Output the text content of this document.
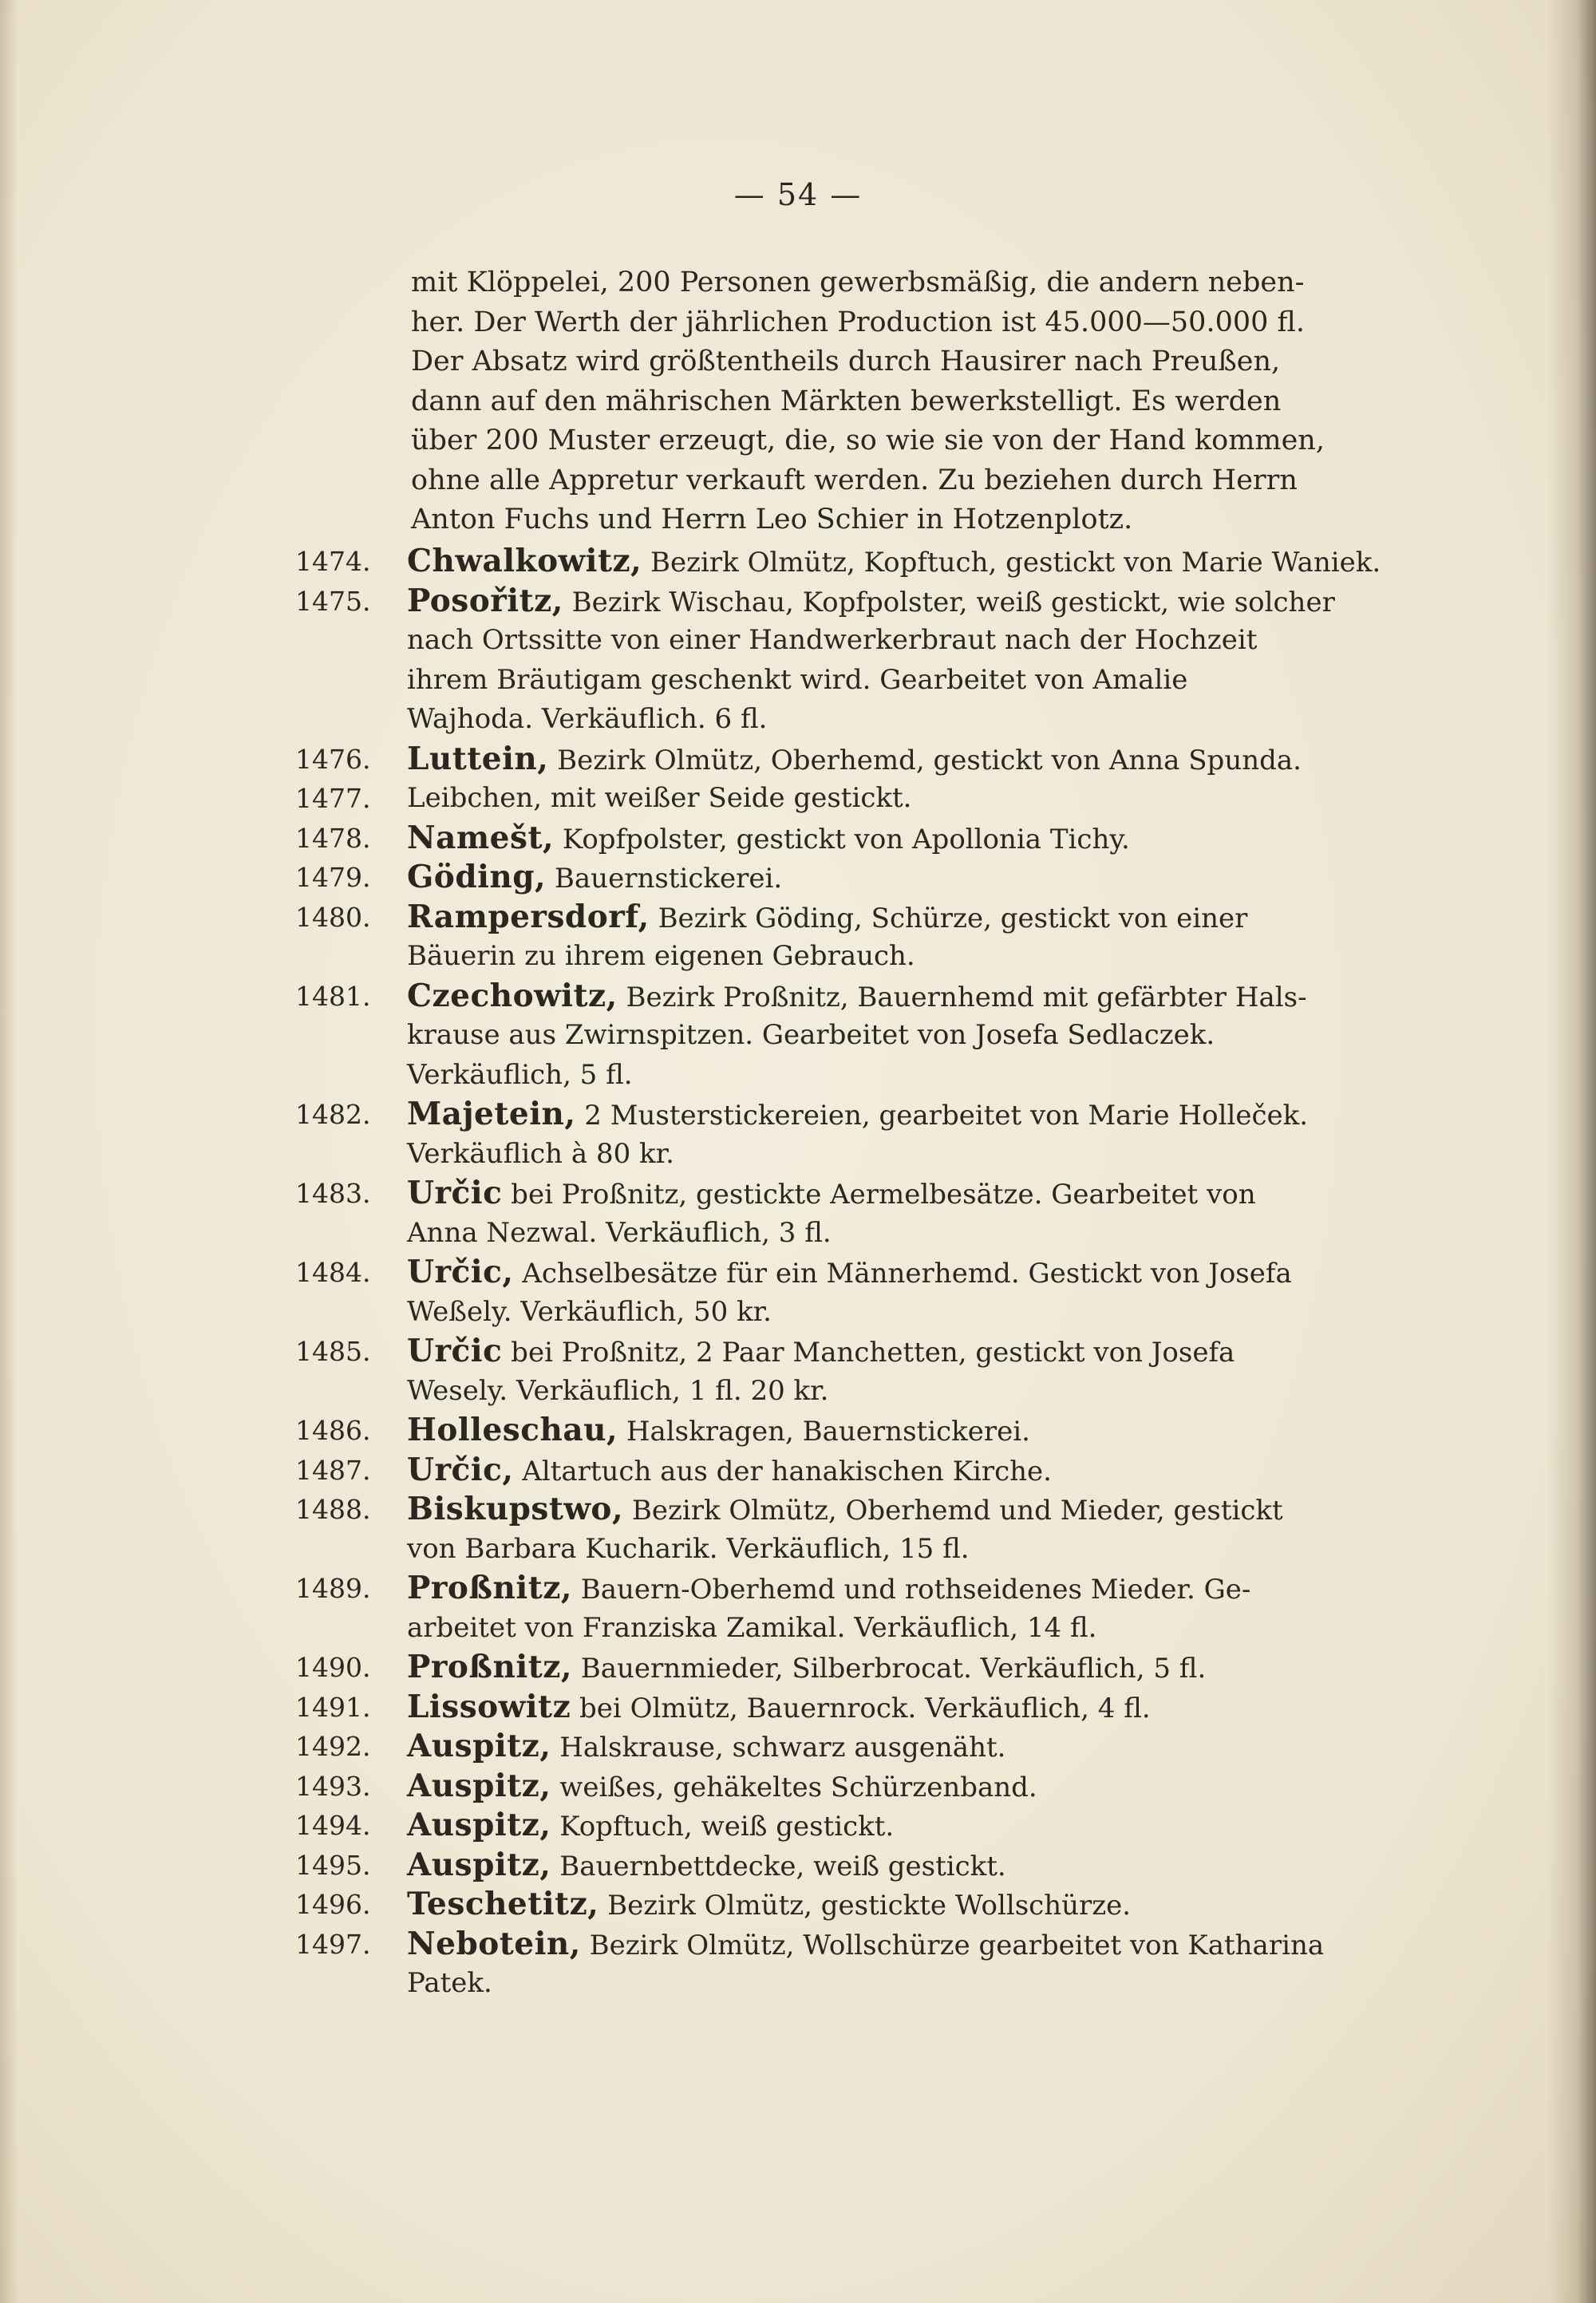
— 54 —
mit Klöppelei, 200 Personen gewerbsmäßig, die andern neben-
her. Der Werth der jährlichen Production ist 45.000—50.000 fl.
Der Absatz wird größtentheils durch Hausirer nach Preußen,
dann auf den mährischen Märkten bewerkstelligt. Es werden
über 200 Muster erzeugt, die, so wie sie von der Hand kommen,
ohne alle Appretur verkauft werden. Zu beziehen durch Herrn
Anton Fuchs und Herrn Leo Schier in Hotzenplotz.
1474.	Chwalkowitz, Bezirk Olmütz, Kopftuch, gestickt von Marie Waniek.
1475.	Posořitz, Bezirk Wischau, Kopfpolster, weiß gestickt, wie solcher
nach Ortssitte von einer Handwerkerbraut nach der Hochzeit
ihrem Bräutigam geschenkt wird. Gearbeitet von Amalie
Wajhoda. Verkäuflich. 6 fl.
1476.	Luttein, Bezirk Olmütz, Oberhemd, gestickt von Anna Spunda.
1477.	Leibchen, mit weißer Seide gestickt.
1478.	Namešt, Kopfpolster, gestickt von Apollonia Tichy.
1479.	Göding, Bauernstickerei.
1480.	Rampersdorf, Bezirk Göding, Schürze, gestickt von einer
Bäuerin zu ihrem eigenen Gebrauch.
1481.	Czechowitz, Bezirk Proßnitz, Bauernhemd mit gefärbter Hals-
krause aus Zwirnspitzen. Gearbeitet von Josefa Sedlaczek.
Verkäuflich, 5 fl.
1482.	Majetein, 2 Musterstickereien, gearbeitet von Marie Holleček.
Verkäuflich à 80 kr.
1483.	Určic bei Proßnitz, gestickte Aermelbesätze. Gearbeitet von
Anna Nezwal. Verkäuflich, 3 fl.
1484.	Určic, Achselbesätze für ein Männerhemd. Gestickt von Josefa
Weßely. Verkäuflich, 50 kr.
1485.	Určic bei Proßnitz, 2 Paar Manchetten, gestickt von Josefa
Wesely. Verkäuflich, 1 fl. 20 kr.
1486.	Holleschau, Halskragen, Bauernstickerei.
1487.	Určic, Altartuch aus der hanakischen Kirche.
1488.	Biskupstwo, Bezirk Olmütz, Oberhemd und Mieder, gestickt
von Barbara Kucharik. Verkäuflich, 15 fl.
1489.	Proßnitz, Bauern-Oberhemd und rothseidenes Mieder. Ge-
arbeitet von Franziska Zamikal. Verkäuflich, 14 fl.
1490.	Proßnitz, Bauernmieder, Silberbrocat. Verkäuflich, 5 fl.
1491.	Lissowitz bei Olmütz, Bauernrock. Verkäuflich, 4 fl.
1492.	Auspitz, Halskrause, schwarz ausgenäht.
1493.	Auspitz, weißes, gehäkeltes Schürzenband.
1494.	Auspitz, Kopftuch, weiß gestickt.
1495.	Auspitz, Bauernbettdecke, weiß gestickt.
1496.	Teschetitz, Bezirk Olmütz, gestickte Wollschürze.
1497.	Nebotein, Bezirk Olmütz, Wollschürze gearbeitet von Katharina
Patek.
